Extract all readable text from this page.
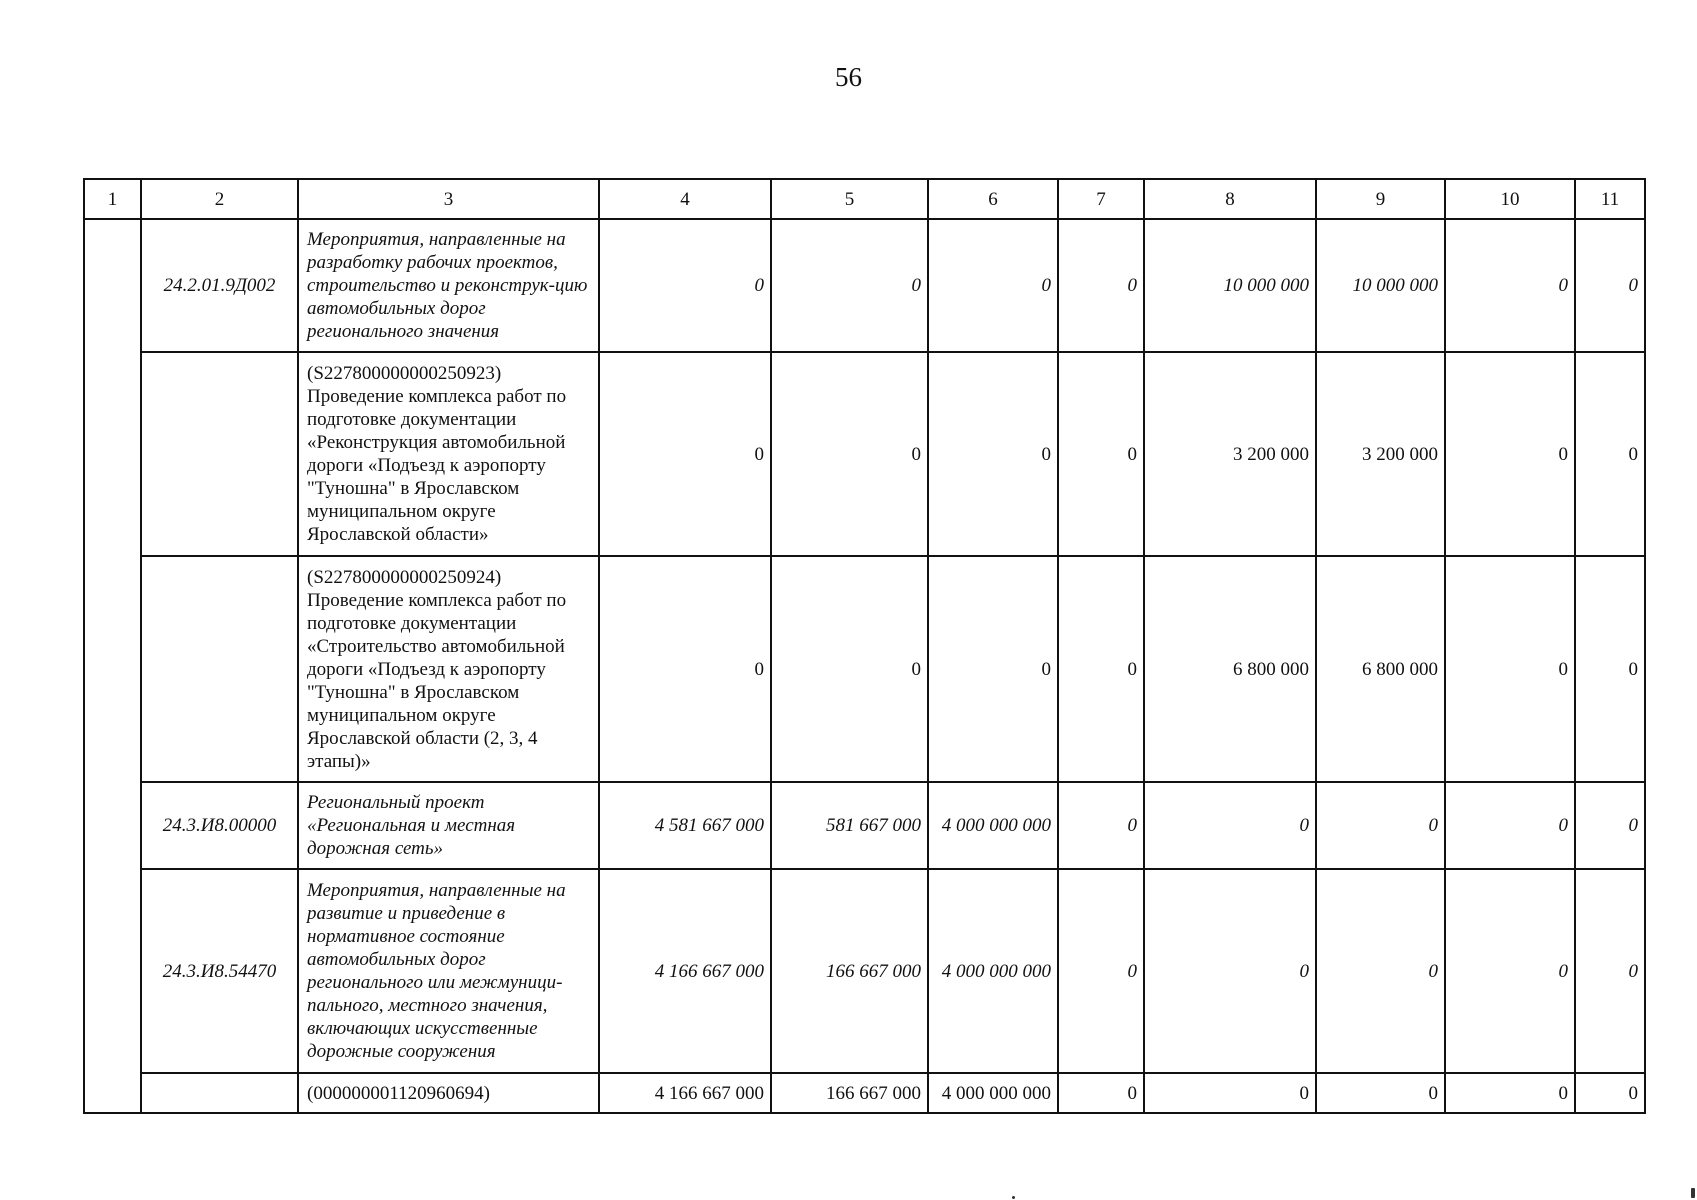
56
1	2	3	4	5	6	7	8	9	10	11
	24.2.01.9Д002	Мероприятия, направленные на разработку рабочих проектов, строительство и реконструк-цию автомобильных дорог регионального значения	0	0	0	0	10 000 000	10 000 000	0	0
		(S227800000000250923) Проведение комплекса работ по подготовке документации «Реконструкция автомобильной дороги «Подъезд к аэропорту "Туношна" в Ярославском муниципальном округе Ярославской области»	0	0	0	0	3 200 000	3 200 000	0	0
		(S227800000000250924) Проведение комплекса работ по подготовке документации «Строительство автомобильной дороги «Подъезд к аэропорту "Туношна" в Ярославском муниципальном округе Ярославской области (2, 3, 4 этапы)»	0	0	0	0	6 800 000	6 800 000	0	0
	24.3.И8.00000	Региональный проект «Региональная и местная дорожная сеть»	4 581 667 000	581 667 000	4 000 000 000	0	0	0	0	0
	24.3.И8.54470	Мероприятия, направленные на развитие и приведение в нормативное состояние автомобильных дорог регионального или межмуници-пального, местного значения, включающих искусственные дорожные сооружения	4 166 667 000	166 667 000	4 000 000 000	0	0	0	0	0
		(000000001120960694)	4 166 667 000	166 667 000	4 000 000 000	0	0	0	0	0
